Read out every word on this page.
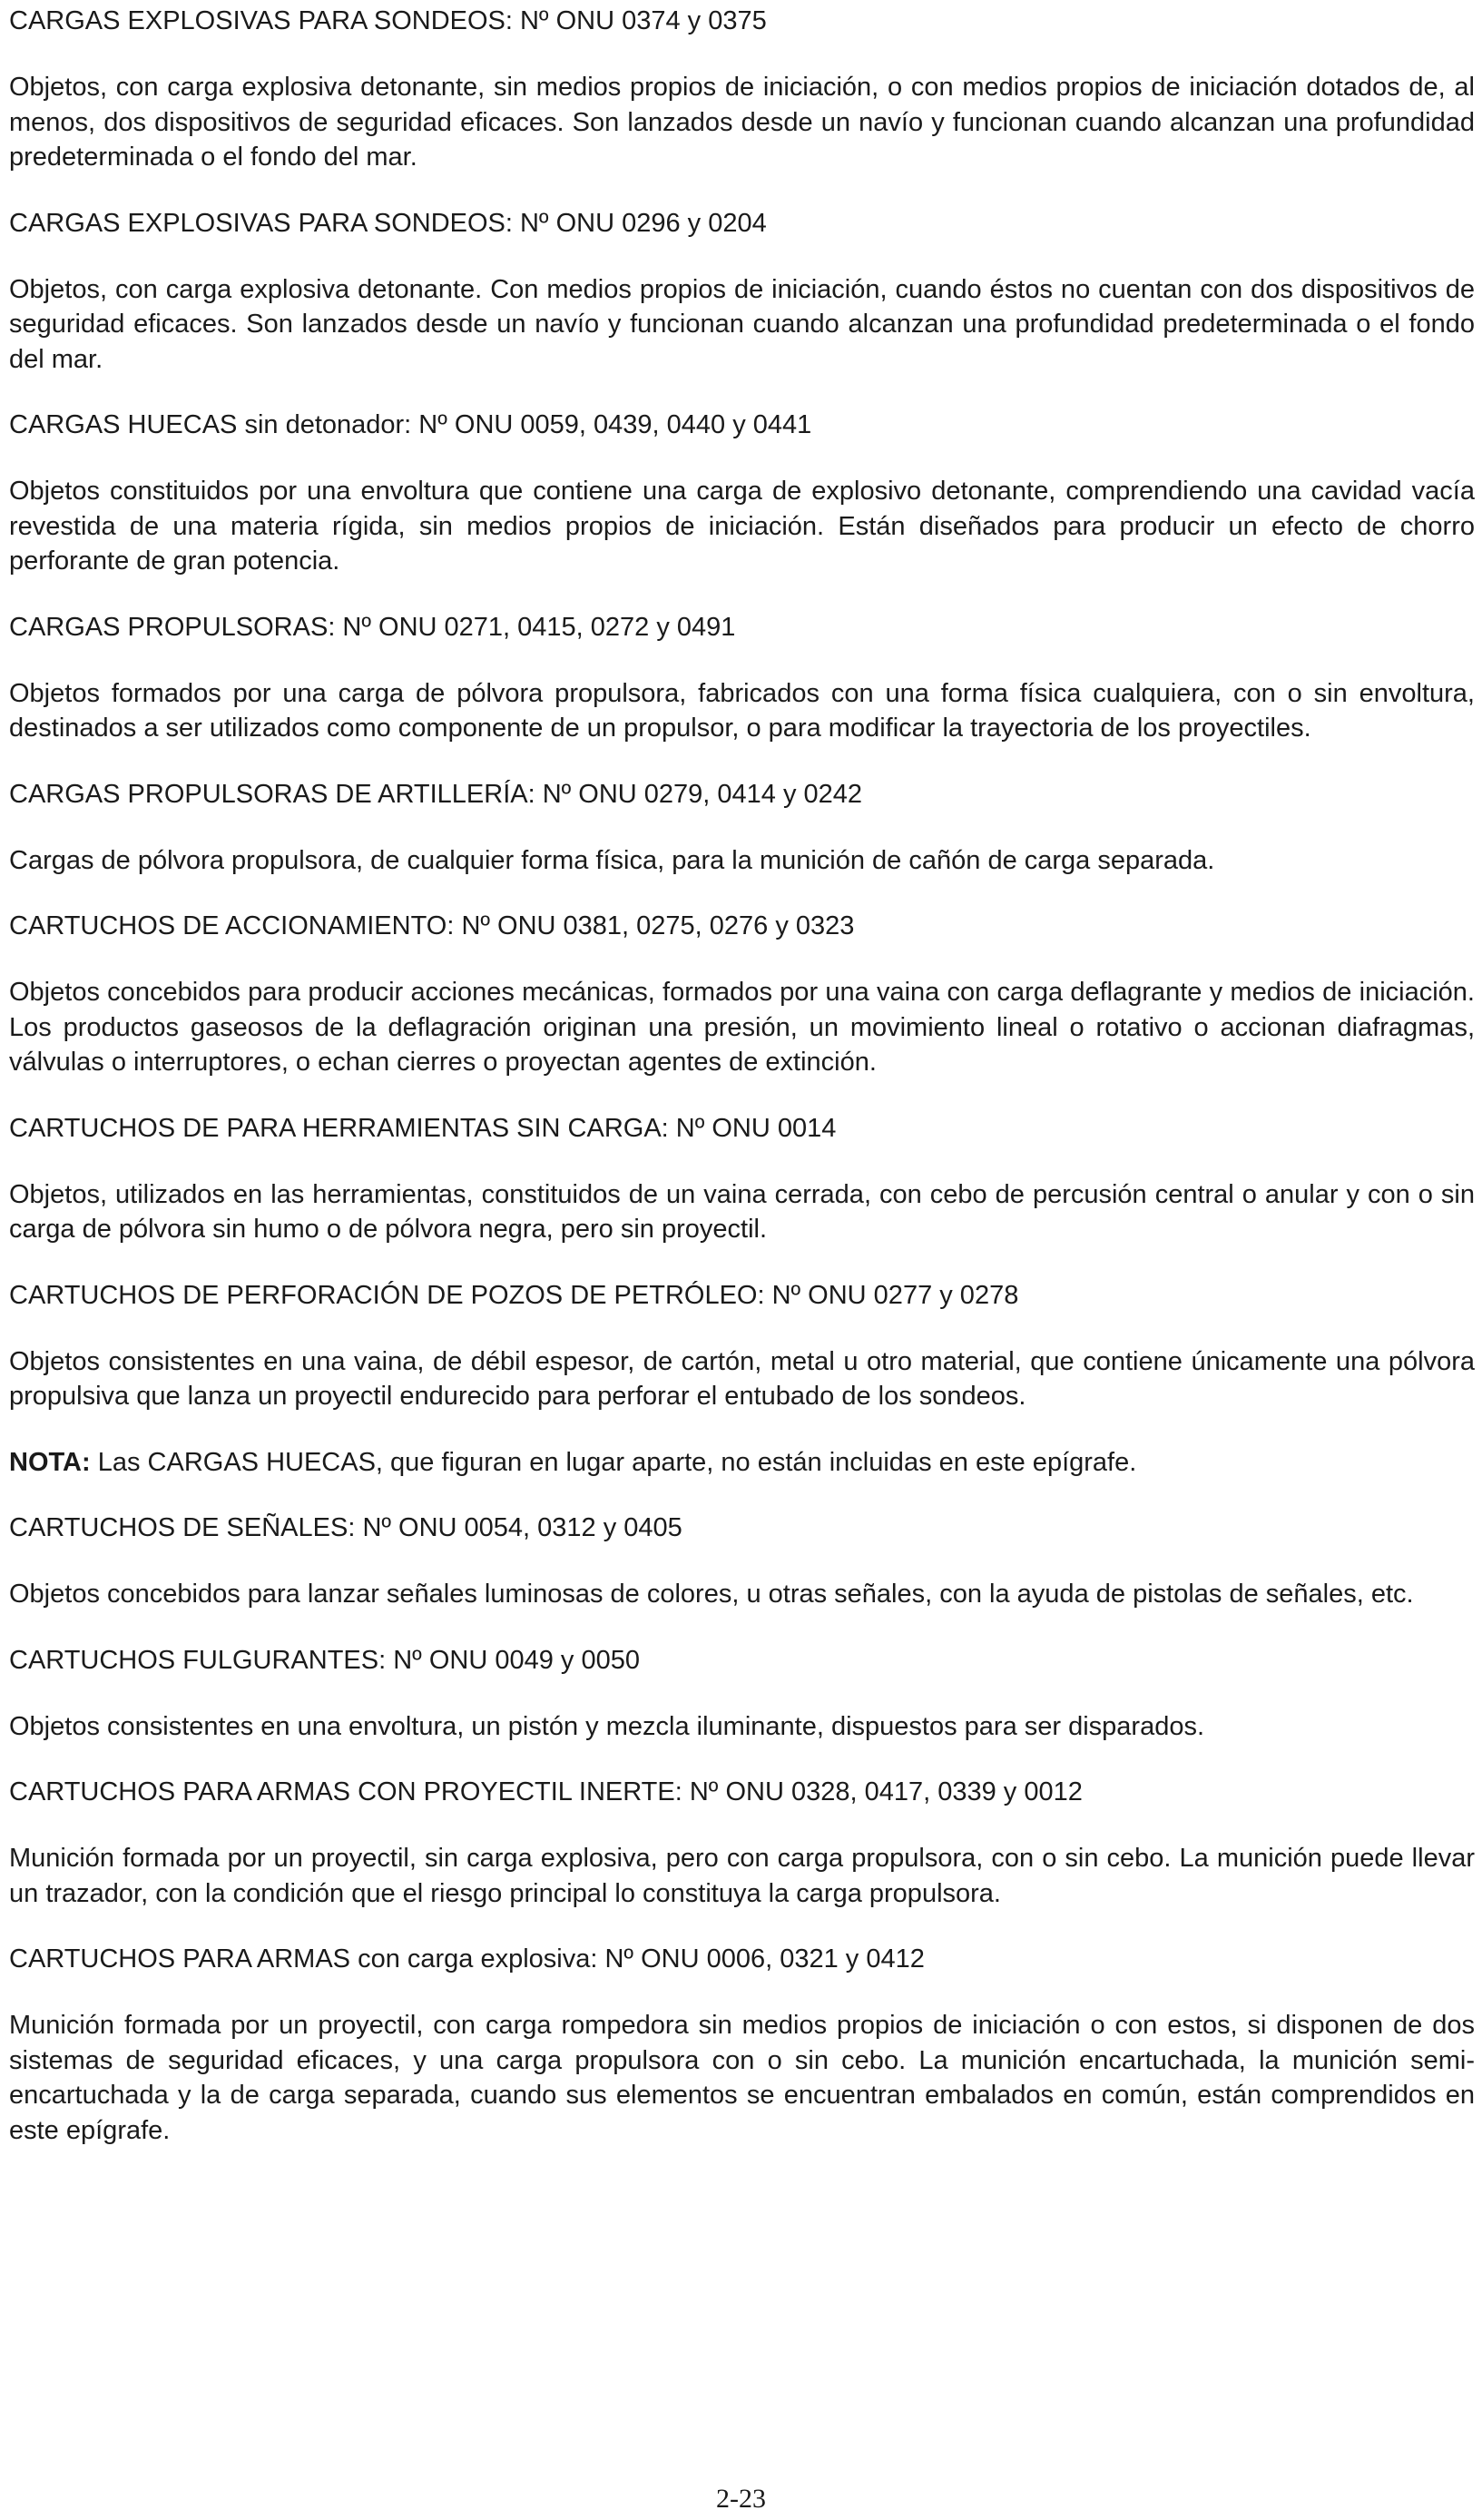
CARGAS EXPLOSIVAS PARA SONDEOS: Nº ONU 0374 y 0375

Objetos, con carga explosiva detonante, sin medios propios de iniciación, o con medios propios de iniciación dotados de, al menos, dos dispositivos de seguridad eficaces. Son lanzados desde un navío y funcionan cuando alcanzan una profundidad predeterminada o el fondo del mar.

CARGAS EXPLOSIVAS PARA SONDEOS: Nº ONU 0296 y 0204

Objetos, con carga explosiva detonante. Con medios propios de iniciación, cuando éstos no cuentan con dos dispositivos de seguridad eficaces. Son lanzados desde un navío y funcionan cuando alcanzan una profundidad predeterminada o el fondo del mar.

CARGAS HUECAS sin detonador: Nº ONU 0059, 0439, 0440 y 0441

Objetos constituidos por una envoltura que contiene una carga de explosivo detonante, comprendiendo una cavidad vacía revestida de una materia rígida, sin medios propios de iniciación. Están diseñados para producir un efecto de chorro perforante de gran potencia.

CARGAS PROPULSORAS: Nº ONU 0271, 0415, 0272 y 0491

Objetos formados por una carga de pólvora propulsora, fabricados con una forma física cualquiera, con o sin envoltura, destinados a ser utilizados como componente de un propulsor, o para modificar la trayectoria de los proyectiles.

CARGAS PROPULSORAS DE ARTILLERÍA: Nº ONU 0279, 0414 y 0242

Cargas de pólvora propulsora, de cualquier forma física, para la munición de cañón de carga separada.

CARTUCHOS DE ACCIONAMIENTO: Nº ONU 0381, 0275, 0276 y 0323

Objetos concebidos para producir acciones mecánicas, formados por una vaina con carga deflagrante y medios de iniciación. Los productos gaseosos de la deflagración originan una presión, un movimiento lineal o rotativo o accionan diafragmas, válvulas o interruptores, o echan cierres o proyectan agentes de extinción.

CARTUCHOS DE PARA HERRAMIENTAS SIN CARGA: Nº ONU 0014

Objetos, utilizados en las herramientas, constituidos de un vaina cerrada, con cebo de percusión central o anular y con o sin carga de pólvora sin humo o de pólvora negra, pero sin proyectil.

CARTUCHOS DE PERFORACIÓN DE POZOS DE PETRÓLEO: Nº ONU 0277 y 0278

Objetos consistentes en una vaina, de débil espesor, de cartón, metal u otro material, que contiene únicamente una pólvora propulsiva que lanza un proyectil endurecido para perforar el entubado de los sondeos.

NOTA: Las CARGAS HUECAS, que figuran en lugar aparte, no están incluidas en este epígrafe.

CARTUCHOS DE SEÑALES: Nº ONU 0054, 0312 y 0405

Objetos concebidos para lanzar señales luminosas de colores, u otras señales, con la ayuda de pistolas de señales, etc.

CARTUCHOS FULGURANTES: Nº ONU 0049 y 0050

Objetos consistentes en una envoltura, un pistón y mezcla iluminante, dispuestos para ser disparados.

CARTUCHOS PARA ARMAS CON PROYECTIL INERTE: Nº ONU 0328, 0417, 0339 y 0012

Munición formada por un proyectil, sin carga explosiva, pero con carga propulsora, con o sin cebo. La munición puede llevar un trazador, con la condición que el riesgo principal lo constituya la carga propulsora.

CARTUCHOS PARA ARMAS con carga explosiva: Nº ONU 0006, 0321 y 0412

Munición formada por un proyectil, con carga rompedora sin medios propios de iniciación o con estos, si disponen de dos sistemas de seguridad eficaces, y una carga propulsora con o sin cebo. La munición encartuchada, la munición semi-encartuchada y la de carga separada, cuando sus elementos se encuentran embalados en común, están comprendidos en este epígrafe.

2-23
